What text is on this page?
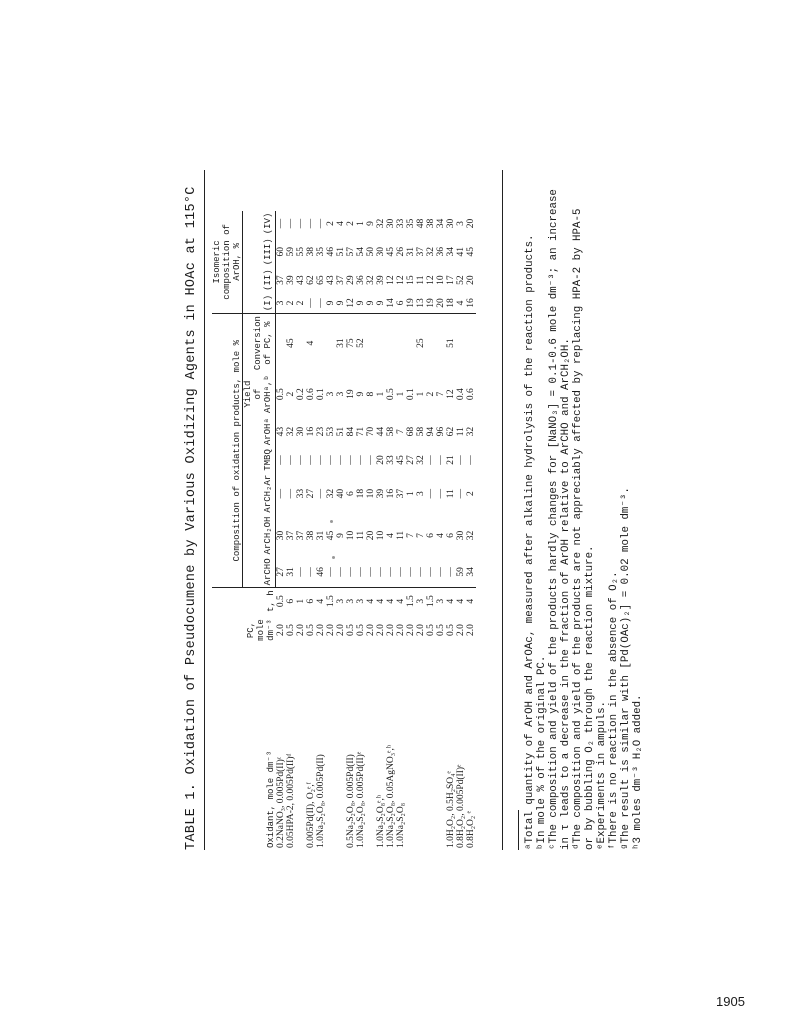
TABLE 1. Oxidation of Pseudocumene by Various Oxidizing Agents in HOAc at 115°C	Oxidant, mole dm⁻³	PC, mole dm⁻³	t, h	Composition of oxidation products, mole %							Isomeric composition of ArOH, %			
			ArCHO	ArCH₂OH	ArCH₂Ar	TMBQ	ArOHᵃ	Yield of ArOHᵃ,ᵇ	Conversion of PC, %	(I)	(II)	(III)	(IV)
0.2NaNO₃, 0.005Pd(II)ᶜ	2.0	0.5	27	30	—	—	43	0.5		3	37	60	—
0.05HPA-2, 0.005Pd(II)ᵈ	0.5	6	31	37	—	—	32	2	45	2	39	59	—
	2.0	1	—	37	33	—	30	0.2		2	43	55	—
0.005Pd(II), O₂ᵉ,ᶠ	0.5	6	—	38	27	—	16	0.6	4	—	62	38	—
1.0Na₂S₂O₈, 0.005Pd(II)	2.0	4	46	31	—	—	23	0.1		—	65	35	—
	2.0	1.5	—	45	32	—	53	3		9	43	46	2
	2.0	3	—	9	40	—	51	3	31	9	37	51	4
0.5Na₂S₂O₈, 0.005Pd(II)	0.5	3	—	10	6	—	84	19	75	12	29	57	2
1.0Na₂S₂O₈, 0.005Pd(II)ᵉ	0.5	3	—	11	18	—	71	9	52	9	36	54	1
	2.0	4	—	20	10	—	70	8		9	32	50	9
1.0Na₂S₂O₈ᵉ,ʰ	2.0	4	—	10	39	20	44	1		9	39	30	32
1.0Na₂S₂O₈, 0.05AgNO₃ᵉ,ʰ	2.0	4	—	4	16	33	58	0.5		14	12	45	30
1.0Na₂S₂O₈	2.0	4	—	11	37	45	7	1		6	12	26	33
	2.0	1.5	—	7	1	27	68	0.1		19	15	31	35
	2.0	3	—	7	3	32	58	1	25	13	11	37	48
	0.5	1.5	—	6	—	—	94	2		19	12	32	38
	0.5	3	—	4	—	—	96	7		20	10	36	34
1.0H₂O₂, 0.5H₂SO₄ᵉ	0.5	4	—	6	11	21	62	12	51	18	17	34	30
0.8H₂O₂, 0.005Pd(II)ᵉ	2.0	4	59	30	—	—	11	0.4		4	52	41	3
0.8H₂O₂ ᵉ	2.0	4	34	32	2	—	32	0.6		16	20	45	20
ᵃTotal quantity of ArOH and ArOAc, measured after alkaline hydrolysis of the reaction products. ᵇIn mole % of the original PC. ᶜThe composition and yield of the products hardly changes for [NaNO₃] = 0.1-0.6 mole dm⁻³; an increase in τ leads to a decrease in the fraction of ArOH relative to ArCHO and ArCH₂OH. ᵈThe composition and yield of the products are not appreciably affected by replacing HPA-2 by HPA-5 or by bubbling O₂ through the reaction mixture. ᵉExperiments in ampuls. ᶠThere is no reaction in the absence of O₂. ᵍThe result is similar with [Pd(OAc)₂] = 0.02 mole dm⁻³. ʰ3 moles dm⁻³ H₂O added.
1905
